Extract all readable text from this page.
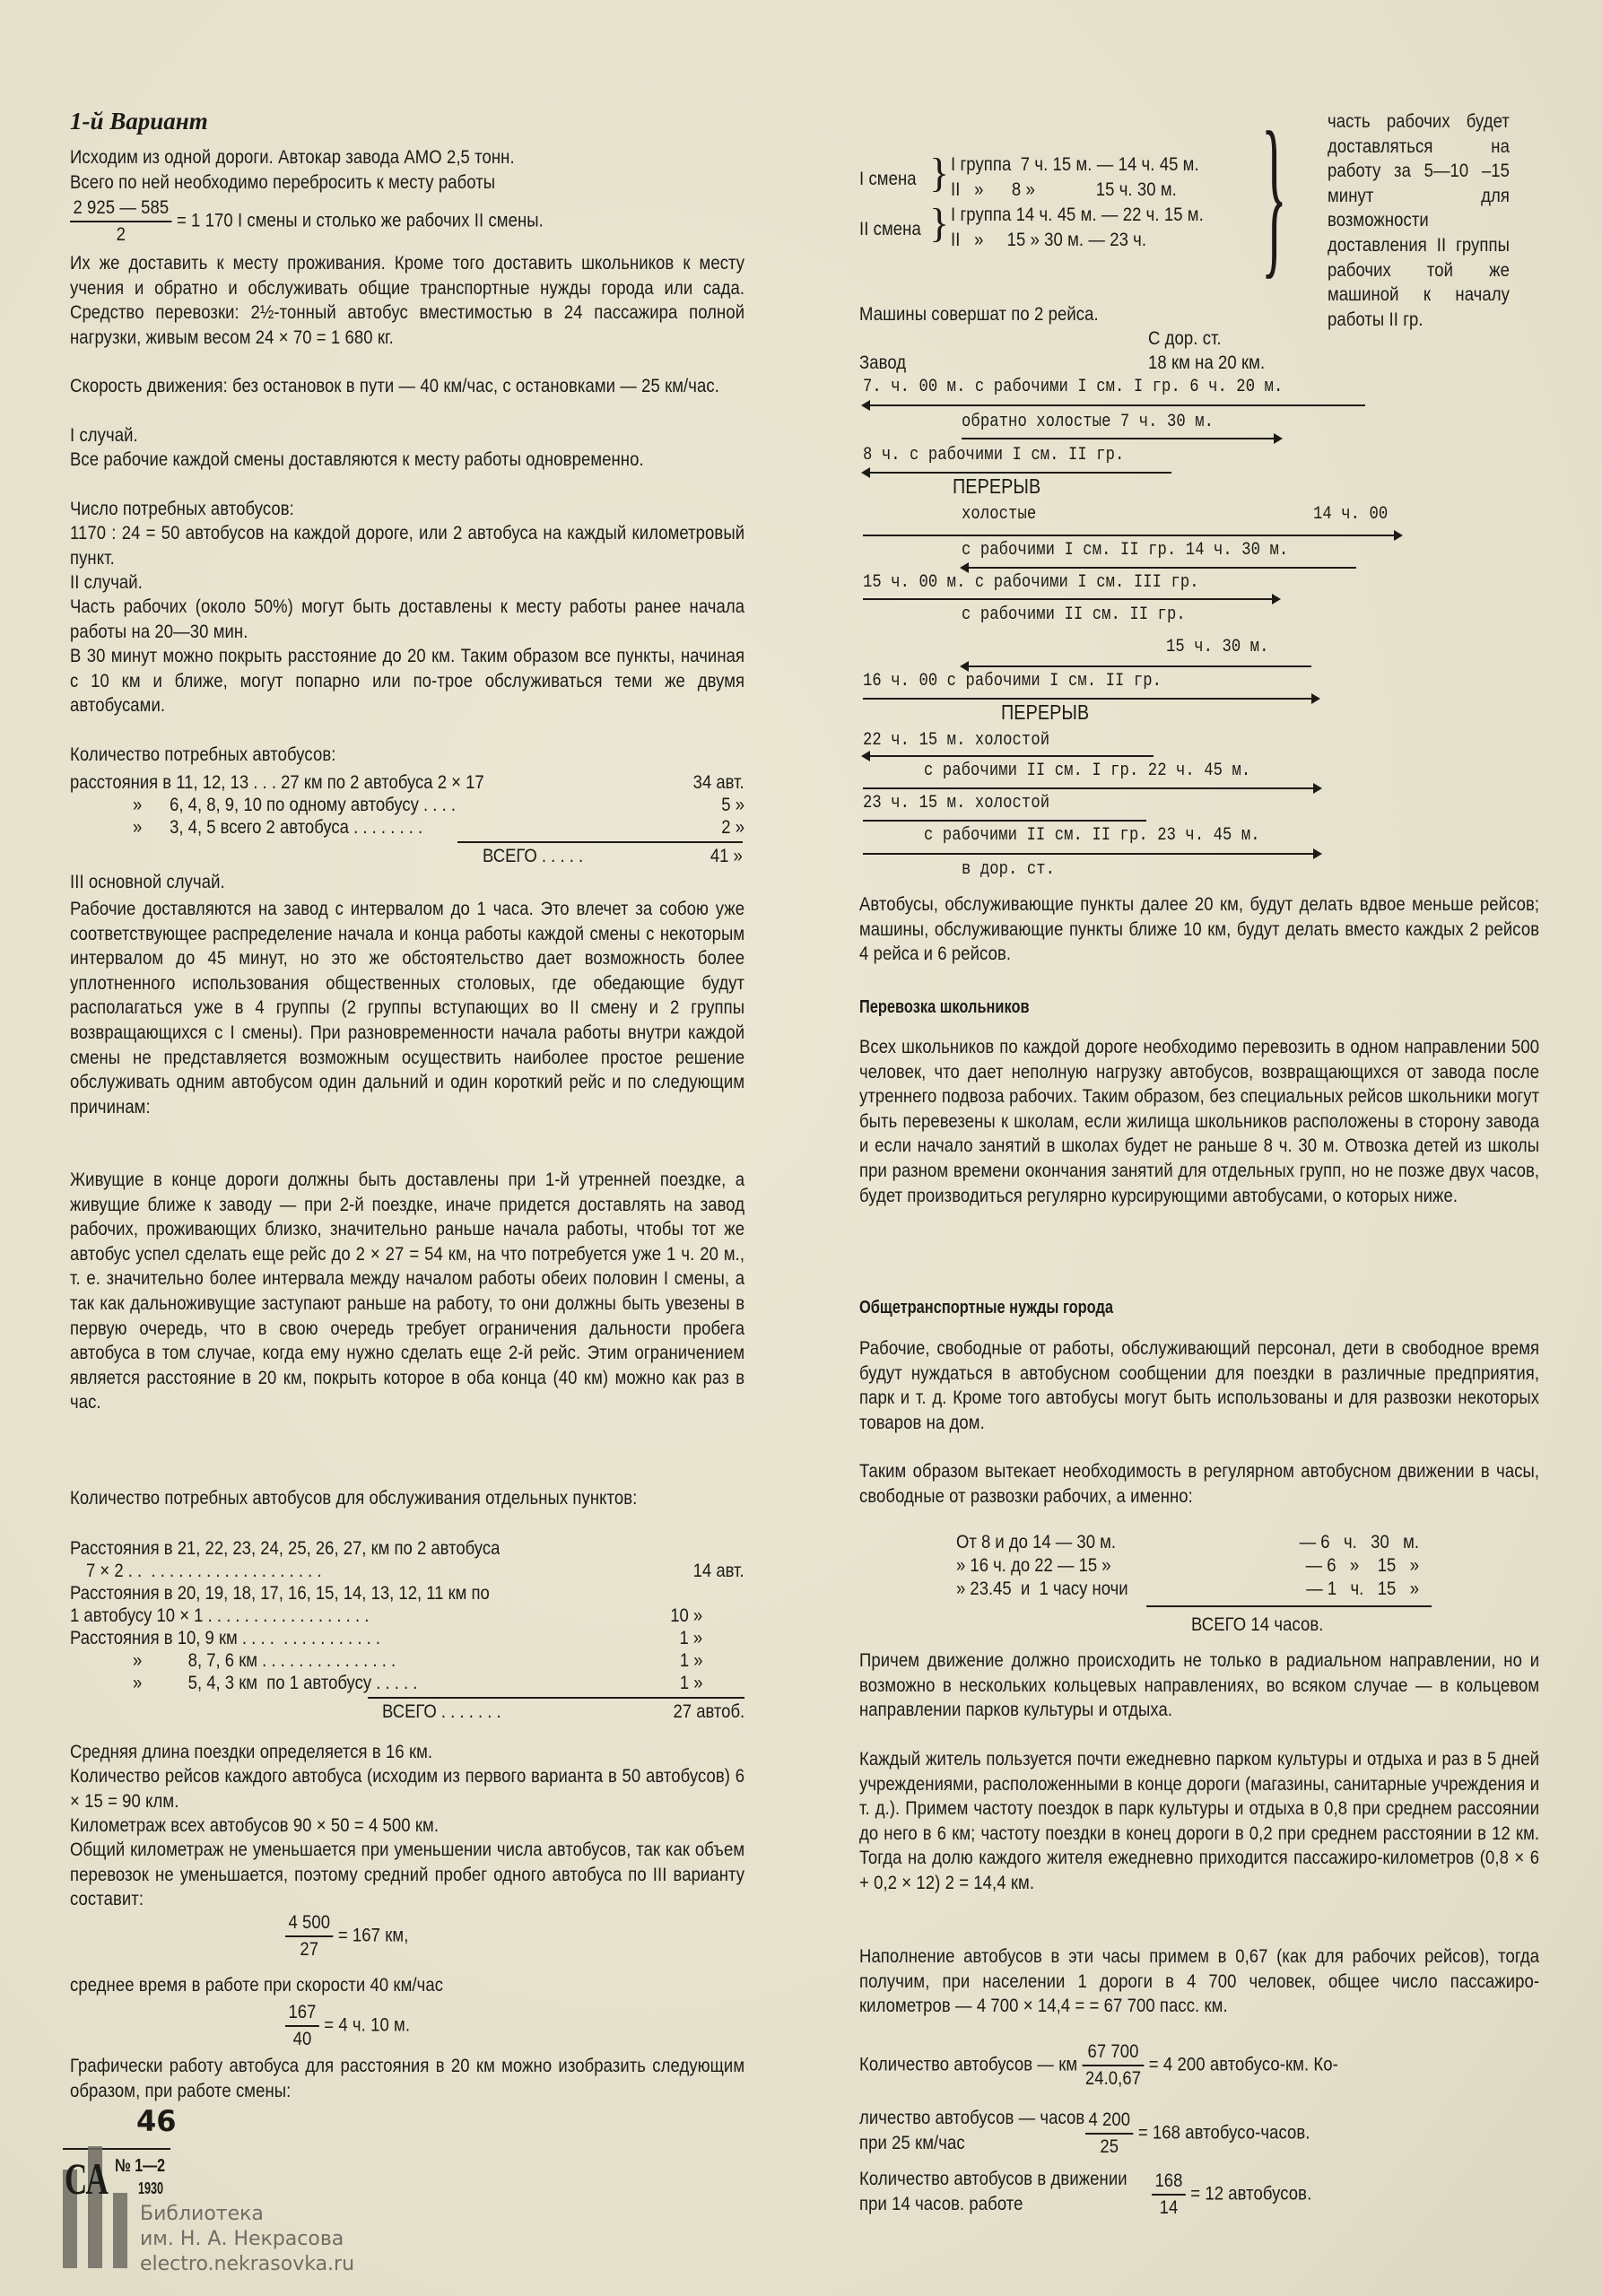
1-й Вариант
Исходим из одной дороги. Автокар завода АМО 2,5 тонн.
Всего по ней необходимо перебросить к месту работы
$\frac{2 925 — 585}{2} = 1$ 170 I смены и столько же рабочих II смены.
Их же доставить к месту проживания. Кроме того доставить школьников к месту учения и обратно и обслуживать общие транспортные нужды города или сада. Средство перевозки: 2½-тонный автобус вместимостью в 24 пассажира полной нагрузки, живым весом 24 × 70 = 1 680 кг.
Скорость движения: без остановок в пути — 40 км/час, с остановками — 25 км/час.
I случай.
Все рабочие каждой смены доставляются к месту работы одновременно.
Число потребных автобусов:
1170 : 24 = 50 автобусов на каждой дороге, или 2 автобуса на каждый километровый пункт.
II случай.
Часть рабочих (около 50%) могут быть доставлены к месту работы ранее начала работы на 20—30 мин.
В 30 минут можно покрыть расстояние до 20 км. Таким образом все пункты, начиная с 10 км и ближе, могут попарно или по-трое обслуживаться теми же двумя автобусами.
Количество потребных автобусов:
расстояния в 11, 12, 13 . . . 27 км по 2 автобуса 2 × 17	34 авт.
»      6, 4, 8, 9, 10 по одному автобусу . . . .	5 »
»      3, 4, 5 всего 2 автобуса . . . . . . . .	2 »
ВСЕГО . . . . .	41 »
III основной случай.
Рабочие доставляются на завод с интервалом до 1 часа. Это влечет за собою уже соответствующее распределение начала и конца работы каждой смены с некоторым интервалом до 45 минут, но это же обстоятельство дает возможность более уплотненного использования общественных столовых, где обедающие будут располагаться уже в 4 группы (2 группы вступающих во II смену и 2 группы возвращающихся с I смены). При разновременности начала работы внутри каждой смены не представляется возможным осуществить наиболее простое решение обслуживать одним автобусом один дальний и один короткий рейс и по следующим причинам:
Живущие в конце дороги должны быть доставлены при 1-й утренней поездке, а живущие ближе к заводу — при 2-й поездке, иначе придется доставлять на завод рабочих, проживающих близко, значительно раньше начала работы, чтобы тот же автобус успел сделать еще рейс до 2 × 27 = 54 км, на что потребуется уже 1 ч. 20 м., т. е. значительно более интервала между началом работы обеих половин I смены, а так как дальноживущие заступают раньше на работу, то они должны быть увезены в первую очередь, что в свою очередь требует ограничения дальности пробега автобуса в том случае, когда ему нужно сделать еще 2-й рейс. Этим ограничением является расстояние в 20 км, покрыть которое в оба конца (40 км) можно как раз в час.
Количество потребных автобусов для обслуживания отдельных пунктов:
Расстояния в 21, 22, 23, 24, 25, 26, 27, км по 2 автобуса
7 × 2 . .  . . . . . . . . . . . . . . . . . . .	14 авт.
Расстояния в 20, 19, 18, 17, 16, 15, 14, 13, 12, 11 км по
1 автобусу 10 × 1 . . . . . . . . . . . . . . . . . .	10 »
Расстояния в 10, 9 км . . . .  . . . . . . . . . . .	1 »
»          8, 7, 6 км . . . . . . . . . . . . . . .	1 »
»          5, 4, 3 км  по 1 автобусу . . . . .	1 »
ВСЕГО . . . . . . .	27 автоб.
Средняя длина поездки определяется в 16 км.
Количество рейсов каждого автобуса (исходим из первого варианта в 50 автобусов) 6 × 15 = 90 клм.
Километраж всех автобусов 90 × 50 = 4 500 км.
Общий километраж не уменьшается при уменьшении числа автобусов, так как объем перевозок не уменьшается, поэтому средний пробег одного автобуса по III варианту составит:
$\frac{4 500}{27} = 167$ км,
среднее время в работе при скорости 40 км/час
$\frac{167}{40} = 4$ ч. 10 м.
Графически работу автобуса для расстояния в 20 км можно изобразить следующим образом, при работе смены:
I смена } I группа 7 ч. 15 м. — 14 ч. 45 м.
II   » 8 »	15 ч. 30 м.
II смена } I группа 14 ч. 45 м. — 22 ч. 15 м.
II   » 15 » 30 м. — 23 ч. } часть рабочих будет доставляться на работу за 5—10 –15 минут для возможности доставления II группы рабочих той же машиной к началу работы II гр.
Машины совершат по 2 рейса.
С дор. ст.
Завод	18 км на 20 км.
7. ч. 00 м. с рабочими I см. I гр. 6 ч. 20 м.
обратно холостые 7 ч. 30 м.
8 ч. с рабочими I см. II гр.
ПЕРЕРЫВ
холостые	14 ч. 00
с рабочими I см. II гр. 14 ч. 30 м.
15 ч. 00 м. с рабочими I см. III гр.
с рабочими II см. II гр.
15 ч. 30 м.
16 ч. 00 с рабочими I см. II гр.
ПЕРЕРЫВ
22 ч. 15 м. холостой
с рабочими II см. I гр. 22 ч. 45 м.
23 ч. 15 м. холостой
с рабочими II см. II гр. 23 ч. 45 м.
в дор. ст.
Автобусы, обслуживающие пункты далее 20 км, будут делать вдвое меньше рейсов; машины, обслуживающие пункты ближе 10 км, будут делать вместо каждых 2 рейсов 4 рейса и 6 рейсов.
Перевозка школьников
Всех школьников по каждой дороге необходимо перевозить в одном направлении 500 человек, что дает неполную нагрузку автобусов, возвращающихся от завода после утреннего подвоза рабочих. Таким образом, без специальных рейсов школьники могут быть перевезены к школам, если жилища школьников расположены в сторону завода и если начало занятий в школах будет не раньше 8 ч. 30 м. Отвозка детей из школы при разном времени окончания занятий для отдельных групп, но не позже двух часов, будет производиться регулярно курсирующими автобусами, о которых ниже.
Общетранспортные нужды города
Рабочие, свободные от работы, обслуживающий персонал, дети в свободное время будут нуждаться в автобусном сообщении для поездки в различные предприятия, парк и т. д. Кроме того автобусы могут быть использованы и для развозки некоторых товаров на дом.
Таким образом вытекает необходимость в регулярном автобусном движении в часы, свободные от развозки рабочих, а именно:
От 8 и до 14 — 30 м.	— 6   ч.   30   м.
» 16 ч. до 22 — 15 »	— 6   »    15   »
» 23.45  и  1 часу ночи	— 1   ч.   15   »
ВСЕГО 14 часов.
Причем движение должно происходить не только в радиальном направлении, но и возможно в нескольких кольцевых направлениях, во всяком случае — в кольцевом направлении парков культуры и отдыха.
Каждый житель пользуется почти ежедневно парком культуры и отдыха и раз в 5 дней учреждениями, расположенными в конце дороги (магазины, санитарные учреждения и т. д.). Примем частоту поездок в парк культуры и отдыха в 0,8 при среднем рассоянии до него в 6 км; частоту поездки в конец дороги в 0,2 при среднем расстоянии в 12 км. Тогда на долю каждого жителя ежедневно приходится пассажиро-километров (0,8 × 6 + 0,2 × 12) 2 = 14,4 км.
Наполнение автобусов в эти часы примем в 0,67 (как для рабочих рейсов), тогда получим, при населении 1 дороги в 4 700 человек, общее число пассажиро-километров — 4 700 × 14,4 = = 67 700 пасс. км.
Количество автобусов — км $\frac{67 700}{24.0,67} = 4$ 200 автобусо-км. Ко-
личество автобусов — часов
при 25 км/час	$\frac{4 200}{25} = 168$ автобусо-часов.
Количество автобусов в движении
при 14 часов. работе	$\frac{168}{14} = 12$ автобусов.
46
СА № 1—2
1930
Библиотека
им. Н. А. Некрасова
electro.nekrasovka.ru
